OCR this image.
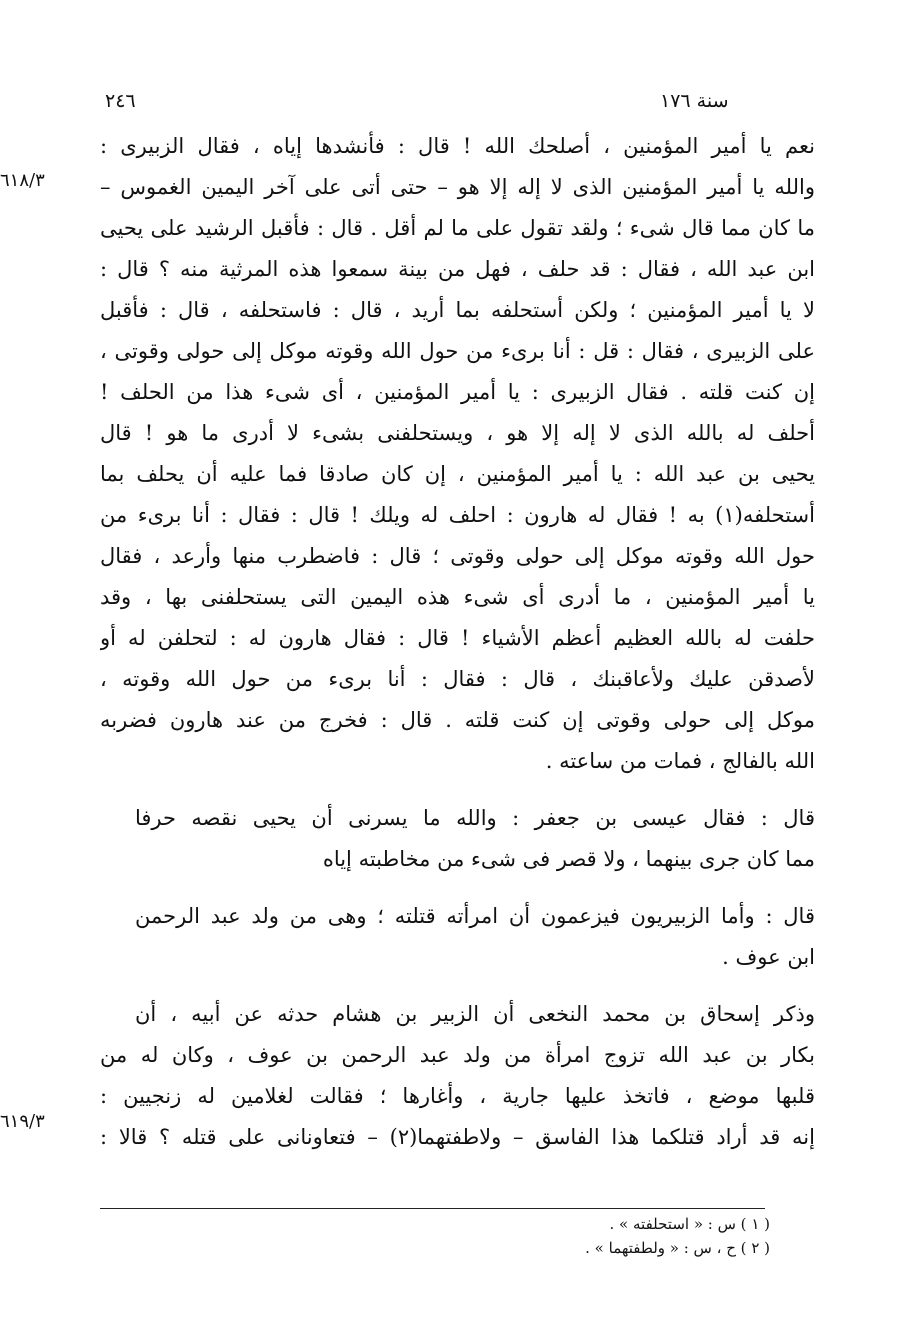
٢٤٦	سنة ١٧٦
٦١٨/٣
٦١٩/٣
نعم يا أمير المؤمنين ، أصلحك الله ! قال : فأنشدها إياه ، فقال الزبيرى :
والله يا أمير المؤمنين الذى لا إله إلا هو – حتى أتى على آخر اليمين الغموس –
ما كان مما قال شىء ؛ ولقد تقول على ما لم أقل . قال : فأقبل الرشيد على يحيى
ابن عبد الله ، فقال : قد حلف ، فهل من بينة سمعوا هذه المرثية منه ؟ قال :
لا يا أمير المؤمنين ؛ ولكن أستحلفه بما أريد ، قال : فاستحلفه ، قال : فأقبل
على الزبيرى ، فقال : قل : أنا برىء من حول الله وقوته موكل إلى حولى وقوتى ،
إن كنت قلته . فقال الزبيرى : يا أمير المؤمنين ، أى شىء هذا من الحلف !
أحلف له بالله الذى لا إله إلا هو ، ويستحلفنى بشىء لا أدرى ما هو ! قال
يحيى بن عبد الله : يا أمير المؤمنين ، إن كان صادقا فما عليه أن يحلف بما
أستحلفه(١) به ! فقال له هارون : احلف له ويلك ! قال : فقال : أنا برىء من
حول الله وقوته موكل إلى حولى وقوتى ؛ قال : فاضطرب منها وأرعد ، فقال
يا أمير المؤمنين ، ما أدرى أى شىء هذه اليمين التى يستحلفنى بها ، وقد
حلفت له بالله العظيم أعظم الأشياء ! قال : فقال هارون له : لتحلفن له أو
لأصدقن عليك ولأعاقبنك ، قال : فقال : أنا برىء من حول الله وقوته ،
موكل إلى حولى وقوتى إن كنت قلته . قال : فخرج من عند هارون فضربه
الله بالفالج ، فمات من ساعته .
قال : فقال عيسى بن جعفر : والله ما يسرنى أن يحيى نقصه حرفا
مما كان جرى بينهما ، ولا قصر فى شىء من مخاطبته إياه
قال : وأما الزبيريون فيزعمون أن امرأته قتلته ؛ وهى من ولد عبد الرحمن
ابن عوف .
وذكر إسحاق بن محمد النخعى أن الزبير بن هشام حدثه عن أبيه ، أن
بكار بن عبد الله تزوج امرأة من ولد عبد الرحمن بن عوف ، وكان له من
قلبها موضع ، فاتخذ عليها جارية ، وأغارها ؛ فقالت لغلامين له زنجيين :
إنه قد أراد قتلكما هذا الفاسق – ولاطفتهما(٢) – فتعاونانى على قتله ؟ قالا :
( ١ ) س : « استحلفته » .
( ٢ ) ح ، س : « ولطفتهما » .
